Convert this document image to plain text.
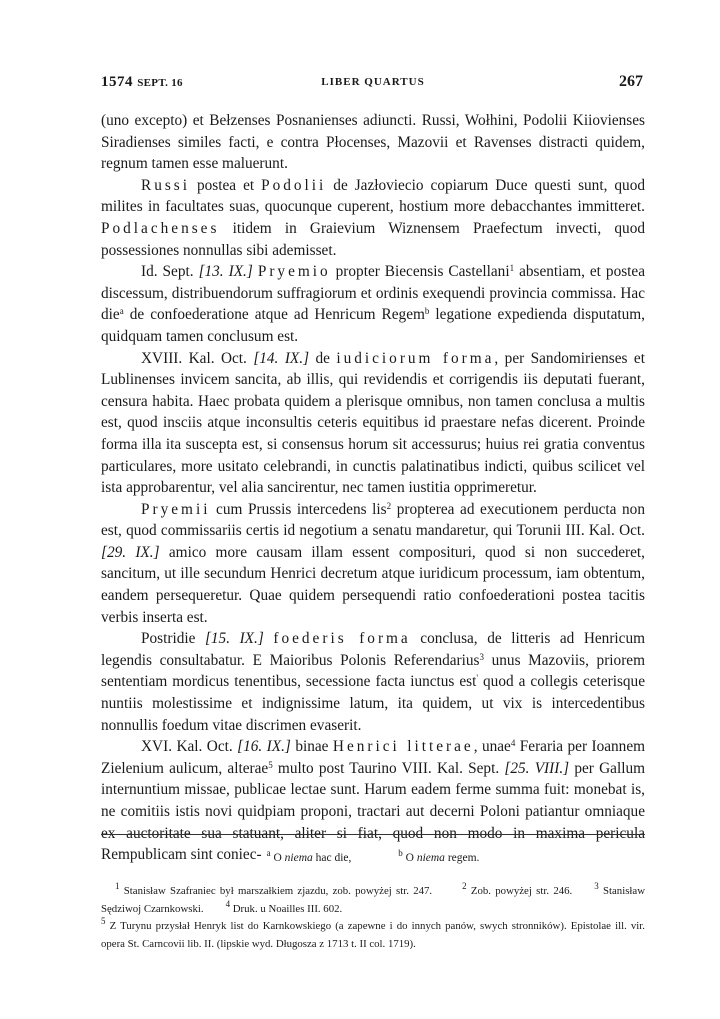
1574 SEPT. 16	LIBER QUARTUS	267

(uno excepto) et Bełzenses Posnanienses adiuncti. Russi, Wołhini, Podolii Kiiovienses Siradienses similes facti, e contra Płocenses, Mazovii et Ravenses distracti quidem, regnum tamen esse maluerunt.

Russi postea et Podolii de Jazłoviecio copiarum Duce questi sunt, quod milites in facultates suas, quocunque cuperent, hostium more debacchantes immitteret. Podlachenses itidem in Graievium Wiznensem Praefectum invecti, quod possessiones nonnullas sibi ademisset.

Id. Sept. [13. IX.] Pryemio propter Biecensis Castellani$^1$ absentiam, et postea discessum, distribuendorum suffragiorum et ordinis exequendi provincia commissa. Hac die$^a$ de confoederatione atque ad Henricum Regem$^b$ legatione expedienda disputatum, quidquam tamen conclusum est.

XVIII. Kal. Oct. [14. IX.] de iudiciorum forma, per Sandomirienses et Lublinenses invicem sancita, ab illis, qui revidendis et corrigendis iis deputati fuerant, censura habita. Haec probata quidem a plerisque omnibus, non tamen conclusa a multis est, quod insciis atque inconsultis ceteris equitibus id praestare nefas dicerent. Proinde forma illa ita suscepta est, si consensus horum sit accessurus; huius rei gratia conventus particulares, more usitato celebrandi, in cunctis palatinatibus indicti, quibus scilicet vel ista approbarentur, vel alia sancirentur, nec tamen iustitia opprimeretur.

Pryemii cum Prussis intercedens lis$^2$ propterea ad executionem perducta non est, quod commissariis certis id negotium a senatu mandaretur, qui Torunii III. Kal. Oct. [29. IX.] amico more causam illam essent composituri, quod si non succederet, sancitum, ut ille secundum Henrici decretum atque iuridicum processum, iam obtentum, eandem persequeretur. Quae quidem persequendi ratio confoederationi postea tacitis verbis inserta est.

Postridie [15. IX.] foederis forma conclusa, de litteris ad Henricum legendis consultabatur. E Maioribus Polonis Referendarius$^3$ unus Mazoviis, priorem sententiam mordicus tenentibus, secessione facta iunctus est' quod a collegis ceterisque nuntiis molestissime et indignissime latum, ita quidem, ut vix is intercedentibus nonnullis foedum vitae discrimen evaserit.

XVI. Kal. Oct. [16. IX.] binae Henrici litterae, unae$^4$ Feraria per Ioannem Zielenium aulicum, alterae$^5$ multo post Taurino VIII. Kal. Sept. [25. VIII.] per Gallum internuntium missae, publicae lectae sunt. Harum eadem ferme summa fuit: monebat is, ne comitiis istis novi quidpiam proponi, tractari aut decerni Poloni patiantur omniaque ex auctoritate sua statuant, aliter si fiat, quod non modo in maxima pericula Rempublicam sint coniec- $^a$ O niema hac die,	$^b$ O niema regem.

$^1$ Stanisław Szafraniec był marszałkiem zjazdu, zob. powyżej str. 247.	$^2$ Zob. powyżej str. 246. $^3$ Stanisław Sędziwoj Czarnkowski. $^4$ Druk. u Noailles III. 602.

$^5$ Z Turynu przysłał Henryk list do Karnkowskiego (a zapewne i do innych panów, swych stronników). Epistolae ill. vir. opera St. Carncovii lib. II. (lipskie wyd. Długosza z 1713 t. II col. 1719).
